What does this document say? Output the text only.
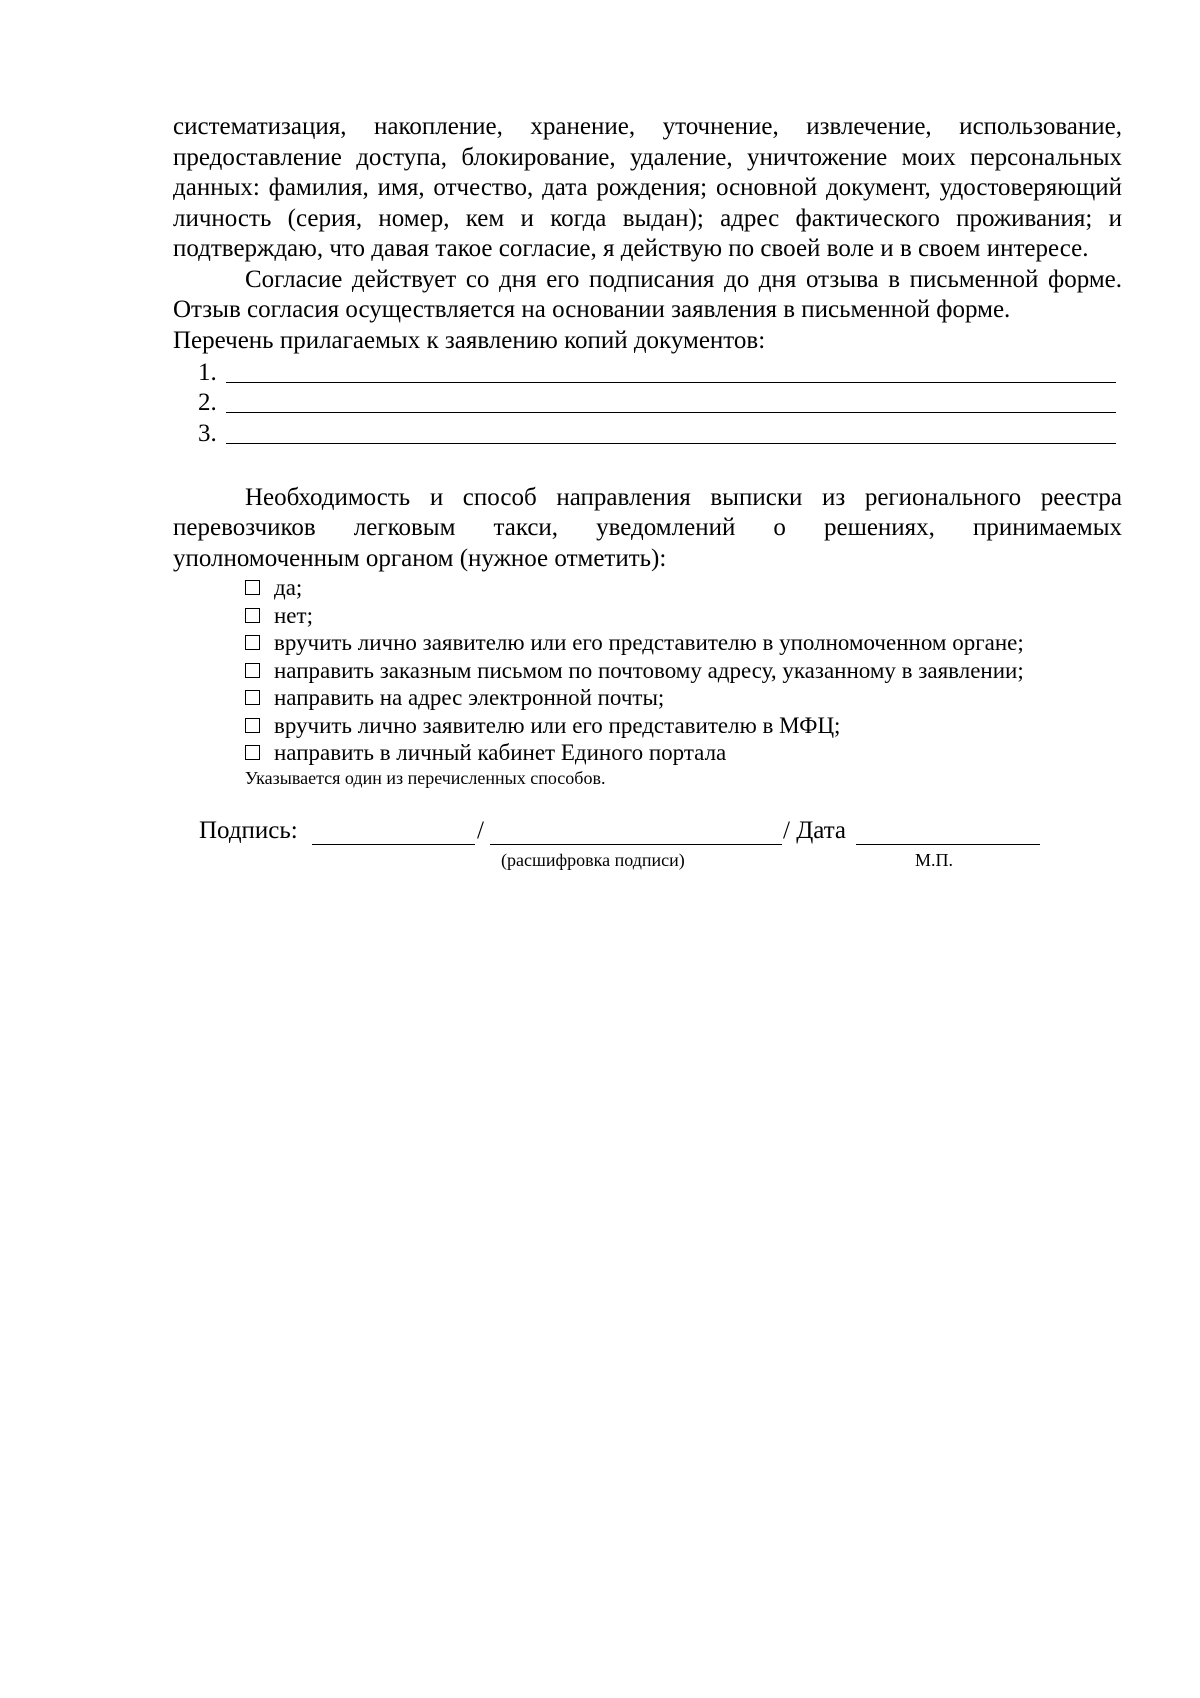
систематизация, накопление, хранение, уточнение, извлечение, использование, предоставление доступа, блокирование, удаление, уничтожение моих персональных данных: фамилия, имя, отчество, дата рождения; основной документ, удостоверяющий личность (серия, номер, кем и когда выдан); адрес фактического проживания; и подтверждаю, что давая такое согласие, я действую по своей воле и в своем интересе.

Согласие действует со дня его подписания до дня отзыва в письменной форме. Отзыв согласия осуществляется на основании заявления в письменной форме.

Перечень прилагаемых к заявлению копий документов:

1.
2.
3.

Необходимость и способ направления выписки из регионального реестра перевозчиков легковым такси, уведомлений о решениях, принимаемых уполномоченным органом (нужное отметить):

да;
нет;
вручить лично заявителю или его представителю в уполномоченном органе;
направить заказным письмом по почтовому адресу, указанному в заявлении;
направить на адрес электронной почты;
вручить лично заявителю или его представителю в МФЦ;
направить в личный кабинет Единого портала

Указывается один из перечисленных способов.

Подпись:	/	/ Дата
(расшифровка подписи)	М.П.
